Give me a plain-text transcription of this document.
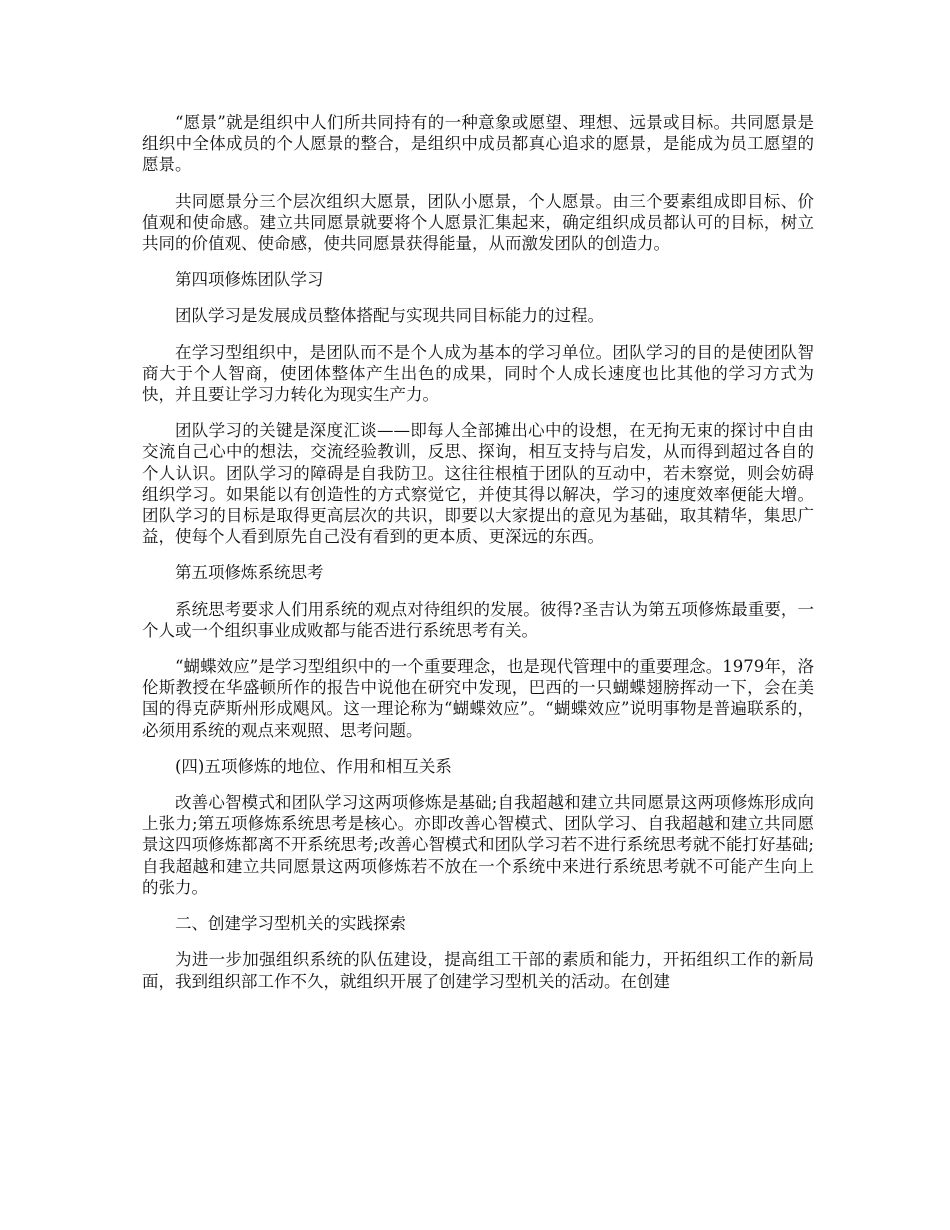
“愿景”就是组织中人们所共同持有的一种意象或愿望、理想、远景或目标。共同愿景是组织中全体成员的个人愿景的整合，是组织中成员都真心追求的愿景，是能成为员工愿望的愿景。

共同愿景分三个层次组织大愿景，团队小愿景，个人愿景。由三个要素组成即目标、价值观和使命感。建立共同愿景就要将个人愿景汇集起来，确定组织成员都认可的目标，树立共同的价值观、使命感，使共同愿景获得能量，从而激发团队的创造力。

第四项修炼团队学习

团队学习是发展成员整体搭配与实现共同目标能力的过程。

在学习型组织中，是团队而不是个人成为基本的学习单位。团队学习的目的是使团队智商大于个人智商，使团体整体产生出色的成果，同时个人成长速度也比其他的学习方式为快，并且要让学习力转化为现实生产力。

团队学习的关键是深度汇谈——即每人全部摊出心中的设想，在无拘无束的探讨中自由交流自己心中的想法，交流经验教训，反思、探询，相互支持与启发，从而得到超过各自的个人认识。团队学习的障碍是自我防卫。这往往根植于团队的互动中，若未察觉，则会妨碍组织学习。如果能以有创造性的方式察觉它，并使其得以解决，学习的速度效率便能大增。团队学习的目标是取得更高层次的共识，即要以大家提出的意见为基础，取其精华，集思广益，使每个人看到原先自己没有看到的更本质、更深远的东西。

第五项修炼系统思考

系统思考要求人们用系统的观点对待组织的发展。彼得?圣吉认为第五项修炼最重要，一个人或一个组织事业成败都与能否进行系统思考有关。

“蝴蝶效应”是学习型组织中的一个重要理念，也是现代管理中的重要理念。1979年，洛伦斯教授在华盛顿所作的报告中说他在研究中发现，巴西的一只蝴蝶翅膀挥动一下，会在美国的得克萨斯州形成飓风。这一理论称为“蝴蝶效应”。“蝴蝶效应”说明事物是普遍联系的，必须用系统的观点来观照、思考问题。

(四)五项修炼的地位、作用和相互关系

改善心智模式和团队学习这两项修炼是基础;自我超越和建立共同愿景这两项修炼形成向上张力;第五项修炼系统思考是核心。亦即改善心智模式、团队学习、自我超越和建立共同愿景这四项修炼都离不开系统思考;改善心智模式和团队学习若不进行系统思考就不能打好基础;自我超越和建立共同愿景这两项修炼若不放在一个系统中来进行系统思考就不可能产生向上的张力。

二、创建学习型机关的实践探索

为进一步加强组织系统的队伍建设，提高组工干部的素质和能力，开拓组织工作的新局面，我到组织部工作不久，就组织开展了创建学习型机关的活动。在创建
